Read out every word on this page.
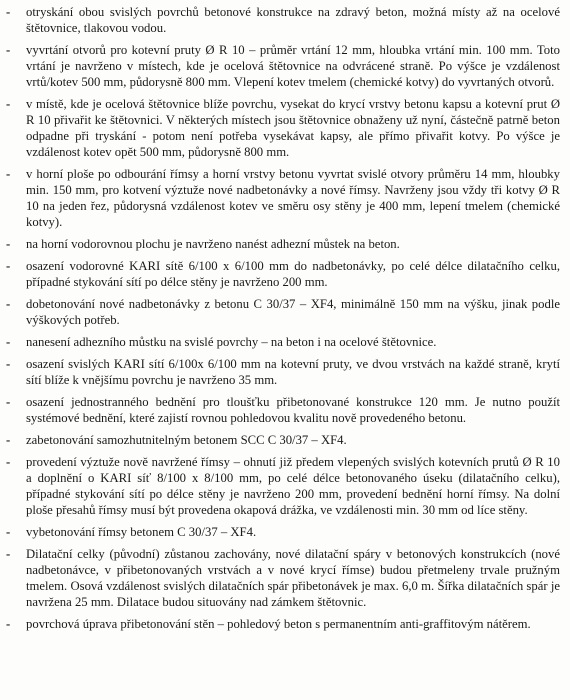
-	otryskání obou svislých povrchů betonové konstrukce na zdravý beton, možná místy až na ocelové štětovnice, tlakovou vodou.
-	vyvrtání otvorů pro kotevní pruty Ø R 10 – průměr vrtání 12 mm, hloubka vrtání min. 100 mm. Toto vrtání je navrženo v místech, kde je ocelová štětovnice na odvrácené straně. Po výšce je vzdálenost vrtů/kotev 500 mm, půdorysně 800 mm. Vlepení kotev tmelem (chemické kotvy) do vyvrtaných otvorů.
-	v místě, kde je ocelová štětovnice blíže povrchu, vysekat do krycí vrstvy betonu kapsu a kotevní prut Ø R 10 přivařit ke štětovnici. V některých místech jsou štětovnice obnaženy už nyní, částečně patrně beton odpadne při tryskání - potom není potřeba vysekávat kapsy, ale přímo přivařit kotvy. Po výšce je vzdálenost kotev opět 500 mm, půdorysně 800 mm.
-	v horní ploše po odbourání římsy a horní vrstvy betonu vyvrtat svislé otvory průměru 14 mm, hloubky min. 150 mm, pro kotvení výztuže nové nadbetonávky a nové římsy. Navrženy jsou vždy tři kotvy Ø R 10 na jeden řez, půdorysná vzdálenost kotev ve směru osy stěny je 400 mm, lepení tmelem (chemické kotvy).
-	na horní vodorovnou plochu je navrženo nanést adhezní můstek na beton.
-	osazení vodorovné KARI sítě 6/100 x 6/100 mm do nadbetonávky, po celé délce dilatačního celku, případné stykování sítí po délce stěny je navrženo 200 mm.
-	dobetonování nové nadbetonávky z betonu C 30/37 – XF4, minimálně 150 mm na výšku, jinak podle výškových potřeb.
-	nanesení adhezního můstku na svislé povrchy – na beton i na ocelové štětovnice.
-	osazení svislých KARI sítí 6/100x 6/100 mm na kotevní pruty, ve dvou vrstvách na každé straně, krytí sítí blíže k vnějšímu povrchu je navrženo 35 mm.
-	osazení jednostranného bednění pro tloušťku přibetonované konstrukce 120 mm. Je nutno použít systémové bednění, které zajistí rovnou pohledovou kvalitu nově provedeného betonu.
-	zabetonování samozhutnitelným betonem SCC C 30/37 – XF4.
-	provedení výztuže nově navržené římsy – ohnutí již předem vlepených svislých kotevních prutů Ø R 10 a doplnění o KARI síť 8/100 x 8/100 mm, po celé délce betonovaného úseku (dilatačního celku), případné stykování sítí po délce stěny je navrženo 200 mm, provedení bednění horní římsy. Na dolní ploše přesahů římsy musí být provedena okapová drážka, ve vzdálenosti min. 30 mm od líce stěny.
-	vybetonování římsy betonem C 30/37 – XF4.
-	Dilatační celky (původní) zůstanou zachovány, nové dilatační spáry v betonových konstrukcích (nové nadbetonávce, v přibetonovaných vrstvách a v nové krycí římse) budou přetmeleny trvale pružným tmelem. Osová vzdálenost svislých dilatačních spár přibetonávek je max. 6,0 m. Šířka dilatačních spár je navržena 25 mm. Dilatace budou situovány nad zámkem štětovnic.
-	povrchová úprava přibetonování stěn – pohledový beton s permanentním anti-graffitovým nátěrem.
